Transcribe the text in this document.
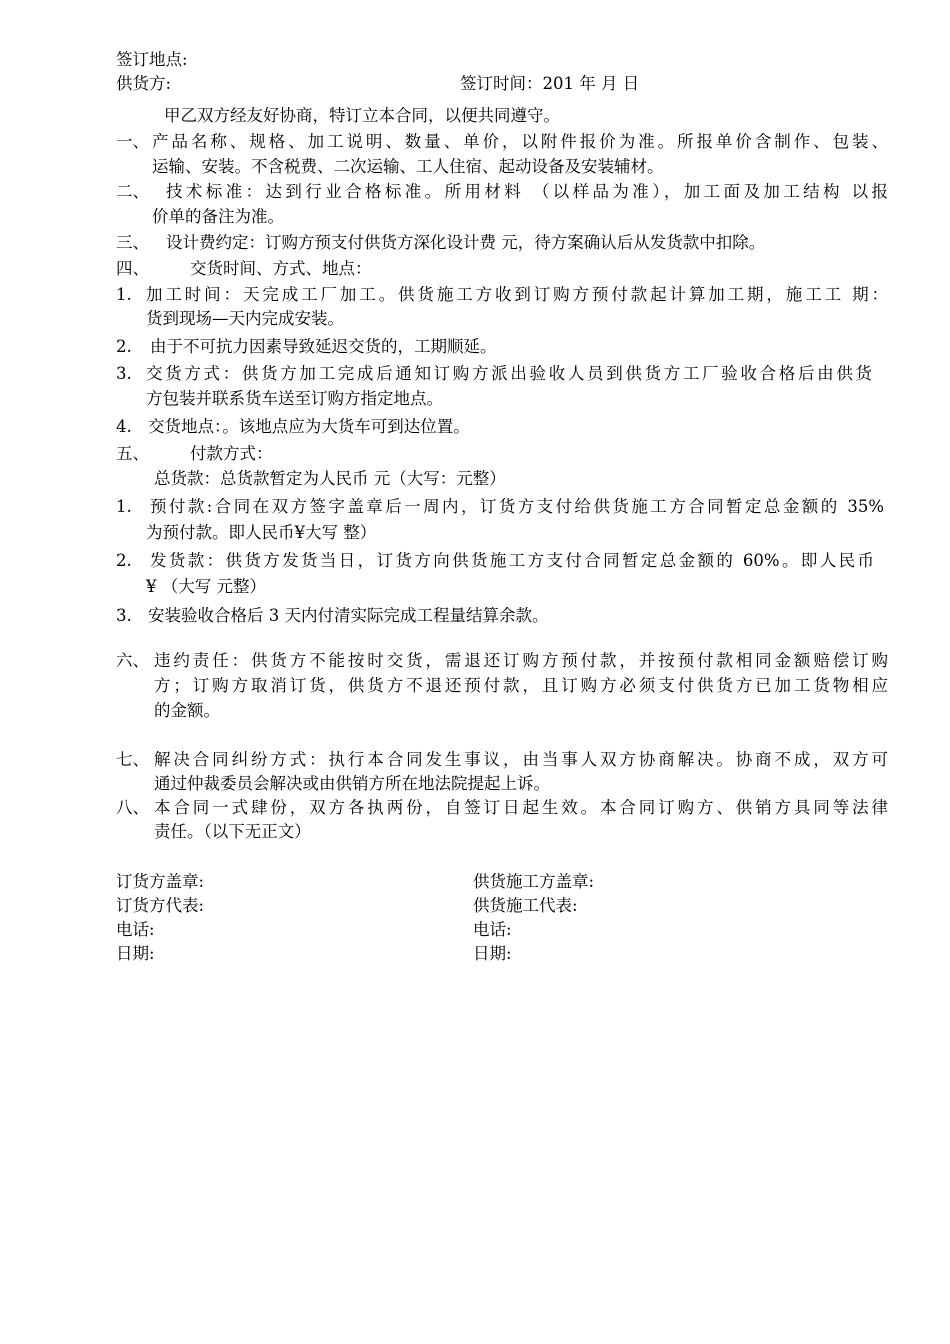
签订地点:
供货方:	签订时间：201 年 月 日
甲乙双方经友好协商，特订立本合同，以便共同遵守。
一、 产品名称、规格、加工说明、数量、单价，以附件报价为准。所报单价含制作、包装、
运输、安装。不含税费、二次运输、工人住宿、起动设备及安装辅材。
二、 技术标准：达到行业合格标准。所用材料 （以样品为准），加工面及加工结构 以报
价单的备注为准。
三、 设计费约定：订购方预支付供货方深化设计费 元，待方案确认后从发货款中扣除。
四、 交货时间、方式、地点：
1. 加工时间：天完成工厂加工。供货施工方收到订购方预付款起计算加工期，施工工 期：
货到现场—天内完成安装。
2. 由于不可抗力因素导致延迟交货的，工期顺延。
3. 交货方式：供货方加工完成后通知订购方派出验收人员到供货方工厂验收合格后由供货
方包装并联系货车送至订购方指定地点。
4. 交货地点：。该地点应为大货车可到达位置。
五、 付款方式：
总货款：总货款暂定为人民币 元（大写：元整）
1. 预付款:合同在双方签字盖章后一周内，订货方支付给供货施工方合同暂定总金额的 35%
为预付款。即人民币¥大写 整）
2. 发货款：供货方发货当日，订货方向供货施工方支付合同暂定总金额的 60%。即人民币
¥ （大写 元整）
3. 安装验收合格后 3 天内付清实际完成工程量结算余款。
六、 违约责任：供货方不能按时交货，需退还订购方预付款，并按预付款相同金额赔偿订购
方；订购方取消订货，供货方不退还预付款，且订购方必须支付供货方已加工货物相应
的金额。
七、 解决合同纠纷方式：执行本合同发生事议，由当事人双方协商解决。协商不成，双方可
通过仲裁委员会解决或由供销方所在地法院提起上诉。
八、 本合同一式肆份，双方各执两份，自签订日起生效。本合同订购方、供销方具同等法律
责任。（以下无正文）
订货方盖章:
订货方代表:
电话:
日期:
供货施工方盖章:
供货施工代表:
电话:
日期:
